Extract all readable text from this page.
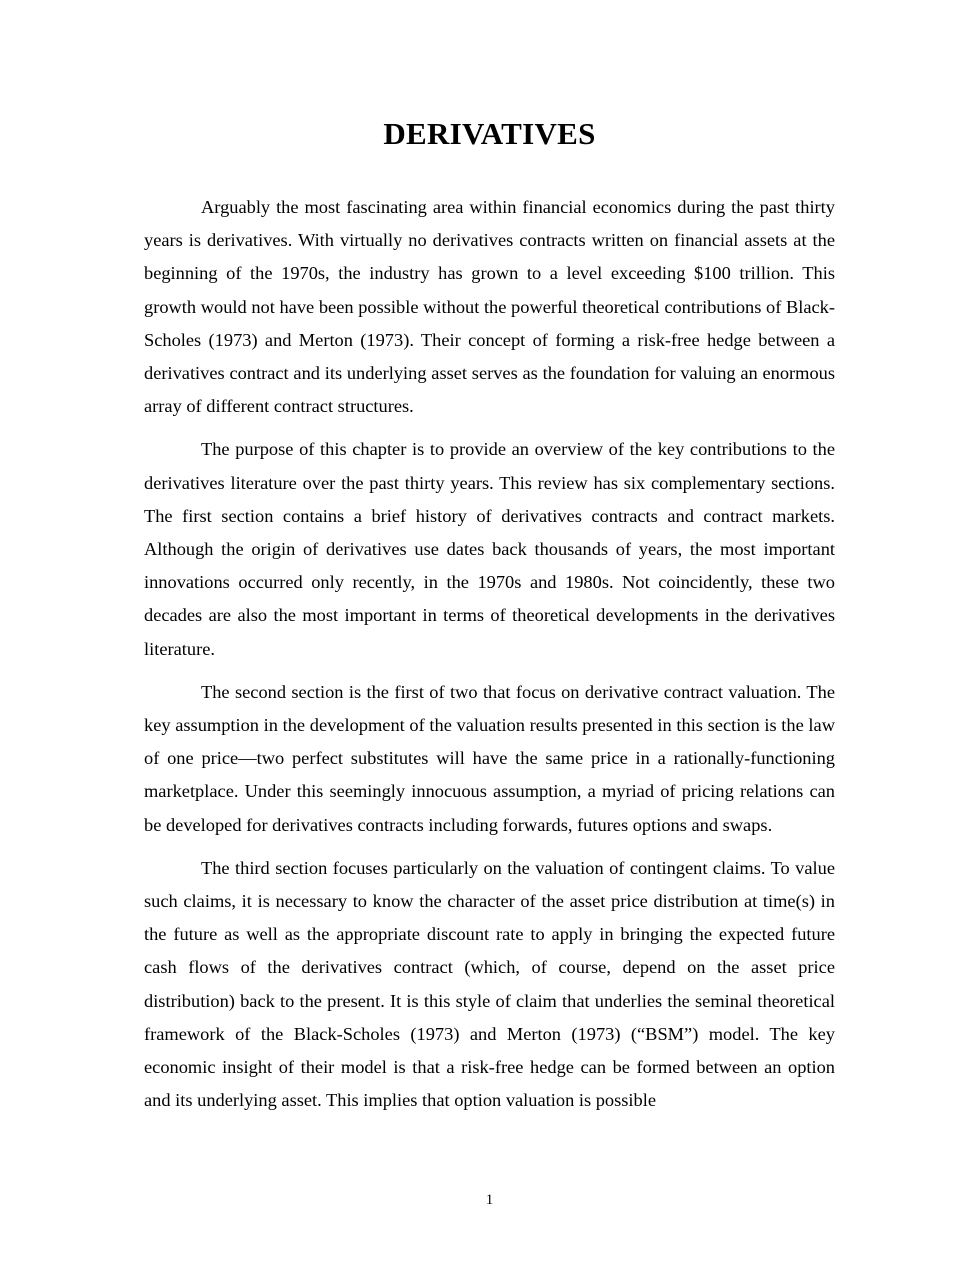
DERIVATIVES

Arguably the most fascinating area within financial economics during the past thirty years is derivatives. With virtually no derivatives contracts written on financial assets at the beginning of the 1970s, the industry has grown to a level exceeding $100 trillion. This growth would not have been possible without the powerful theoretical contributions of Black-Scholes (1973) and Merton (1973). Their concept of forming a risk-free hedge between a derivatives contract and its underlying asset serves as the foundation for valuing an enormous array of different contract structures.

The purpose of this chapter is to provide an overview of the key contributions to the derivatives literature over the past thirty years. This review has six complementary sections. The first section contains a brief history of derivatives contracts and contract markets. Although the origin of derivatives use dates back thousands of years, the most important innovations occurred only recently, in the 1970s and 1980s. Not coincidently, these two decades are also the most important in terms of theoretical developments in the derivatives literature.

The second section is the first of two that focus on derivative contract valuation. The key assumption in the development of the valuation results presented in this section is the law of one price—two perfect substitutes will have the same price in a rationally-functioning marketplace. Under this seemingly innocuous assumption, a myriad of pricing relations can be developed for derivatives contracts including forwards, futures options and swaps.

The third section focuses particularly on the valuation of contingent claims. To value such claims, it is necessary to know the character of the asset price distribution at time(s) in the future as well as the appropriate discount rate to apply in bringing the expected future cash flows of the derivatives contract (which, of course, depend on the asset price distribution) back to the present. It is this style of claim that underlies the seminal theoretical framework of the Black-Scholes (1973) and Merton (1973) (“BSM”) model. The key economic insight of their model is that a risk-free hedge can be formed between an option and its underlying asset. This implies that option valuation is possible

1
